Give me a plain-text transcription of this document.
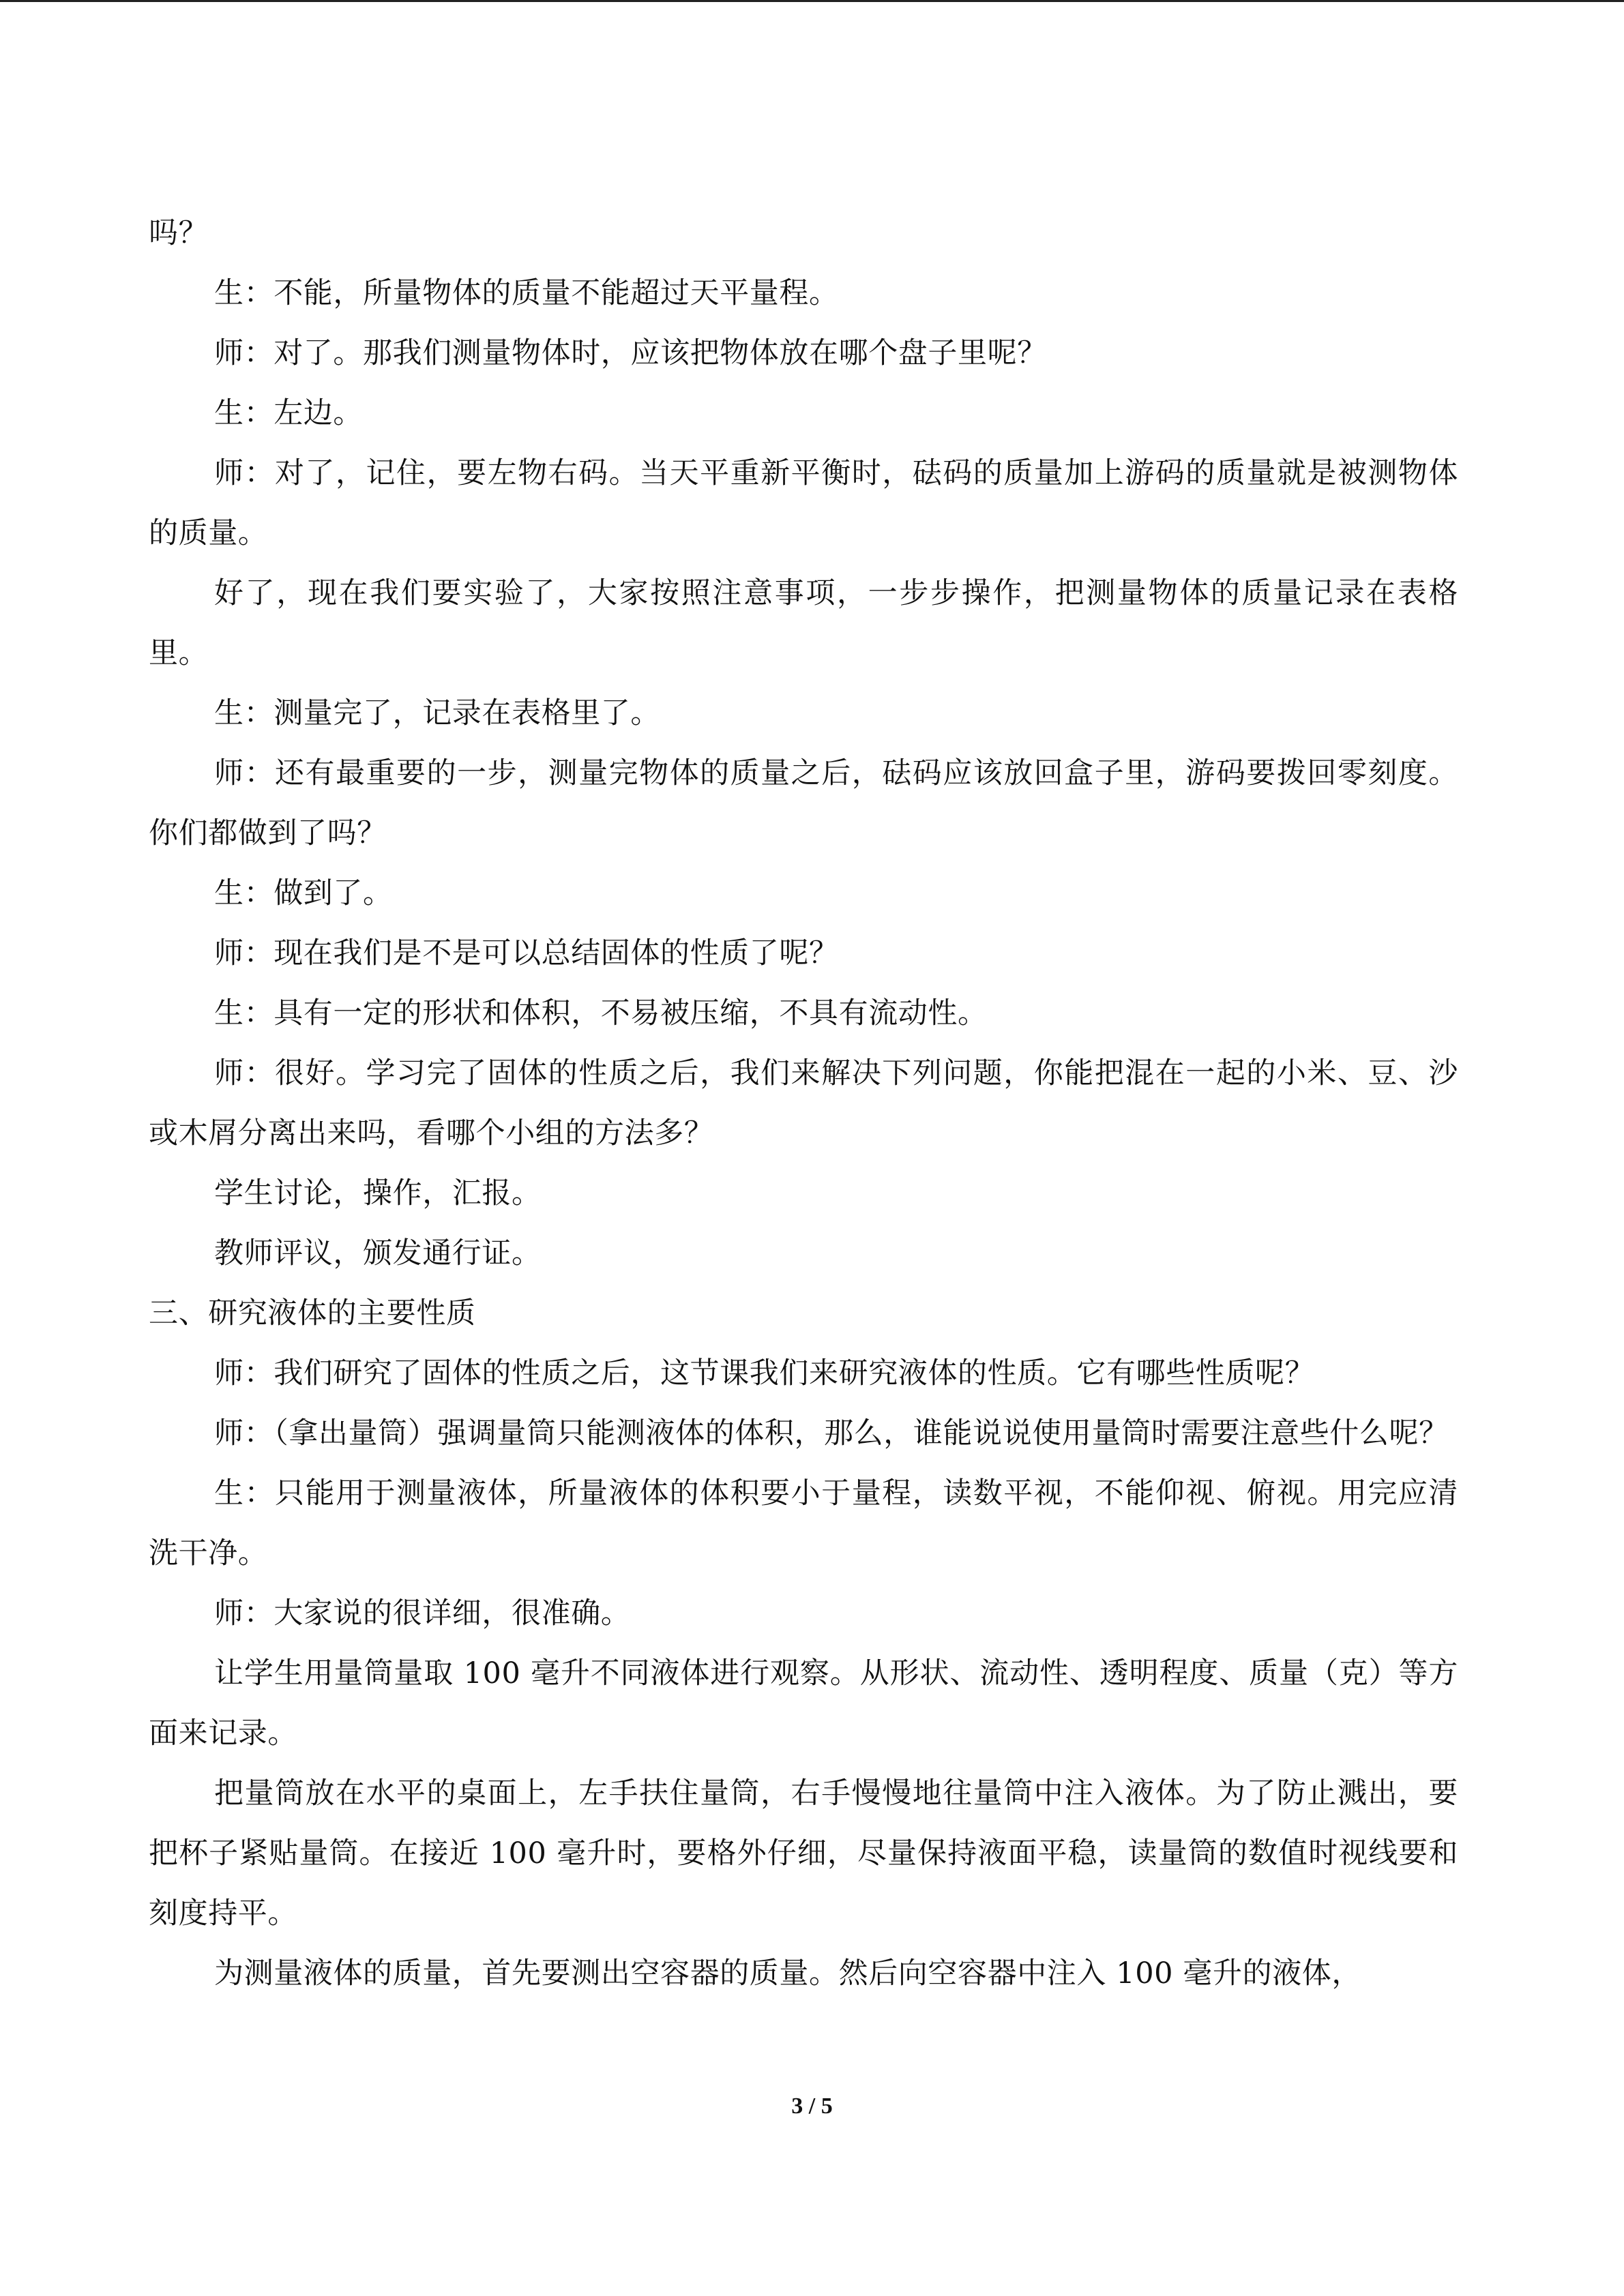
吗？

生：不能，所量物体的质量不能超过天平量程。

师：对了。那我们测量物体时，应该把物体放在哪个盘子里呢？

生：左边。

师：对了，记住，要左物右码。当天平重新平衡时，砝码的质量加上游码的质量就是被测物体的质量。

好了，现在我们要实验了，大家按照注意事项，一步步操作，把测量物体的质量记录在表格里。

生：测量完了，记录在表格里了。

师：还有最重要的一步，测量完物体的质量之后，砝码应该放回盒子里，游码要拨回零刻度。你们都做到了吗？

生：做到了。

师：现在我们是不是可以总结固体的性质了呢？

生：具有一定的形状和体积，不易被压缩，不具有流动性。

师：很好。学习完了固体的性质之后，我们来解决下列问题，你能把混在一起的小米、豆、沙或木屑分离出来吗，看哪个小组的方法多？

学生讨论，操作，汇报。

教师评议，颁发通行证。

三、研究液体的主要性质

师：我们研究了固体的性质之后，这节课我们来研究液体的性质。它有哪些性质呢？

师：（拿出量筒）强调量筒只能测液体的体积，那么，谁能说说使用量筒时需要注意些什么呢？

生：只能用于测量液体，所量液体的体积要小于量程，读数平视，不能仰视、俯视。用完应清洗干净。

师：大家说的很详细，很准确。

让学生用量筒量取 100 毫升不同液体进行观察。从形状、流动性、透明程度、质量（克）等方面来记录。

把量筒放在水平的桌面上，左手扶住量筒，右手慢慢地往量筒中注入液体。为了防止溅出，要把杯子紧贴量筒。在接近 100 毫升时，要格外仔细，尽量保持液面平稳，读量筒的数值时视线要和刻度持平。

为测量液体的质量，首先要测出空容器的质量。然后向空容器中注入 100 毫升的液体，

3 / 5
